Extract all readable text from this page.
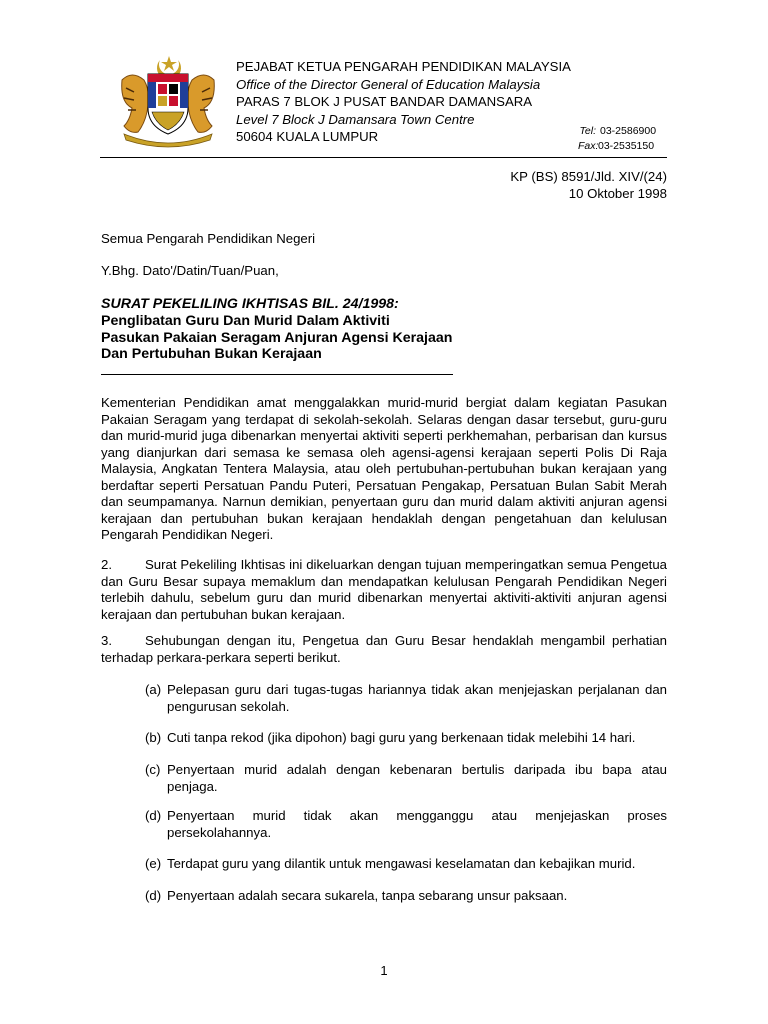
PEJABAT KETUA PENGARAH PENDIDIKAN MALAYSIA
Office of the Director General of Education Malaysia
PARAS 7 BLOK J PUSAT BANDAR DAMANSARA
Level 7 Block J Damansara Town Centre
50604 KUALA LUMPUR	Tel: 03-2586900
Fax:03-2535150
KP (BS) 8591/Jld. XIV/(24)
10 Oktober 1998
Semua Pengarah Pendidikan Negeri
Y.Bhg. Dato'/Datin/Tuan/Puan,
SURAT PEKELILING IKHTISAS BIL. 24/1998:
Penglibatan Guru Dan Murid Dalam Aktiviti
Pasukan Pakaian Seragam Anjuran Agensi Kerajaan
Dan Pertubuhan Bukan Kerajaan
Kementerian Pendidikan amat menggalakkan murid-murid bergiat dalam kegiatan Pasukan Pakaian Seragam yang terdapat di sekolah-sekolah. Selaras dengan dasar tersebut, guru-guru dan murid-murid juga dibenarkan menyertai aktiviti seperti perkhemahan, perbarisan dan kursus yang dianjurkan dari semasa ke semasa oleh agensi-agensi kerajaan seperti Polis Di Raja Malaysia, Angkatan Tentera Malaysia, atau oleh pertubuhan-pertubuhan bukan kerajaan yang berdaftar seperti Persatuan Pandu Puteri, Persatuan Pengakap, Persatuan Bulan Sabit Merah dan seumpamanya. Narnun demikian, penyertaan guru dan murid dalam aktiviti anjuran agensi kerajaan dan pertubuhan bukan kerajaan hendaklah dengan pengetahuan dan kelulusan Pengarah Pendidikan Negeri.
2.	Surat Pekeliling Ikhtisas ini dikeluarkan dengan tujuan memperingatkan semua Pengetua dan Guru Besar supaya memaklum dan mendapatkan kelulusan Pengarah Pendidikan Negeri terlebih dahulu, sebelum guru dan murid dibenarkan menyertai aktiviti-aktiviti anjuran agensi kerajaan dan pertubuhan bukan kerajaan.
3.	Sehubungan dengan itu, Pengetua dan Guru Besar hendaklah mengambil perhatian terhadap perkara-perkara seperti berikut.
(a) Pelepasan guru dari tugas-tugas hariannya tidak akan menjejaskan perjalanan dan pengurusan sekolah.
(b) Cuti tanpa rekod (jika dipohon) bagi guru yang berkenaan tidak melebihi 14 hari.
(c) Penyertaan murid adalah dengan kebenaran bertulis daripada ibu bapa atau penjaga.
(d) Penyertaan murid tidak akan mengganggu atau menjejaskan proses persekolahannya.
(e) Terdapat guru yang dilantik untuk mengawasi keselamatan dan kebajikan murid.
(d) Penyertaan adalah secara sukarela, tanpa sebarang unsur paksaan.
1
